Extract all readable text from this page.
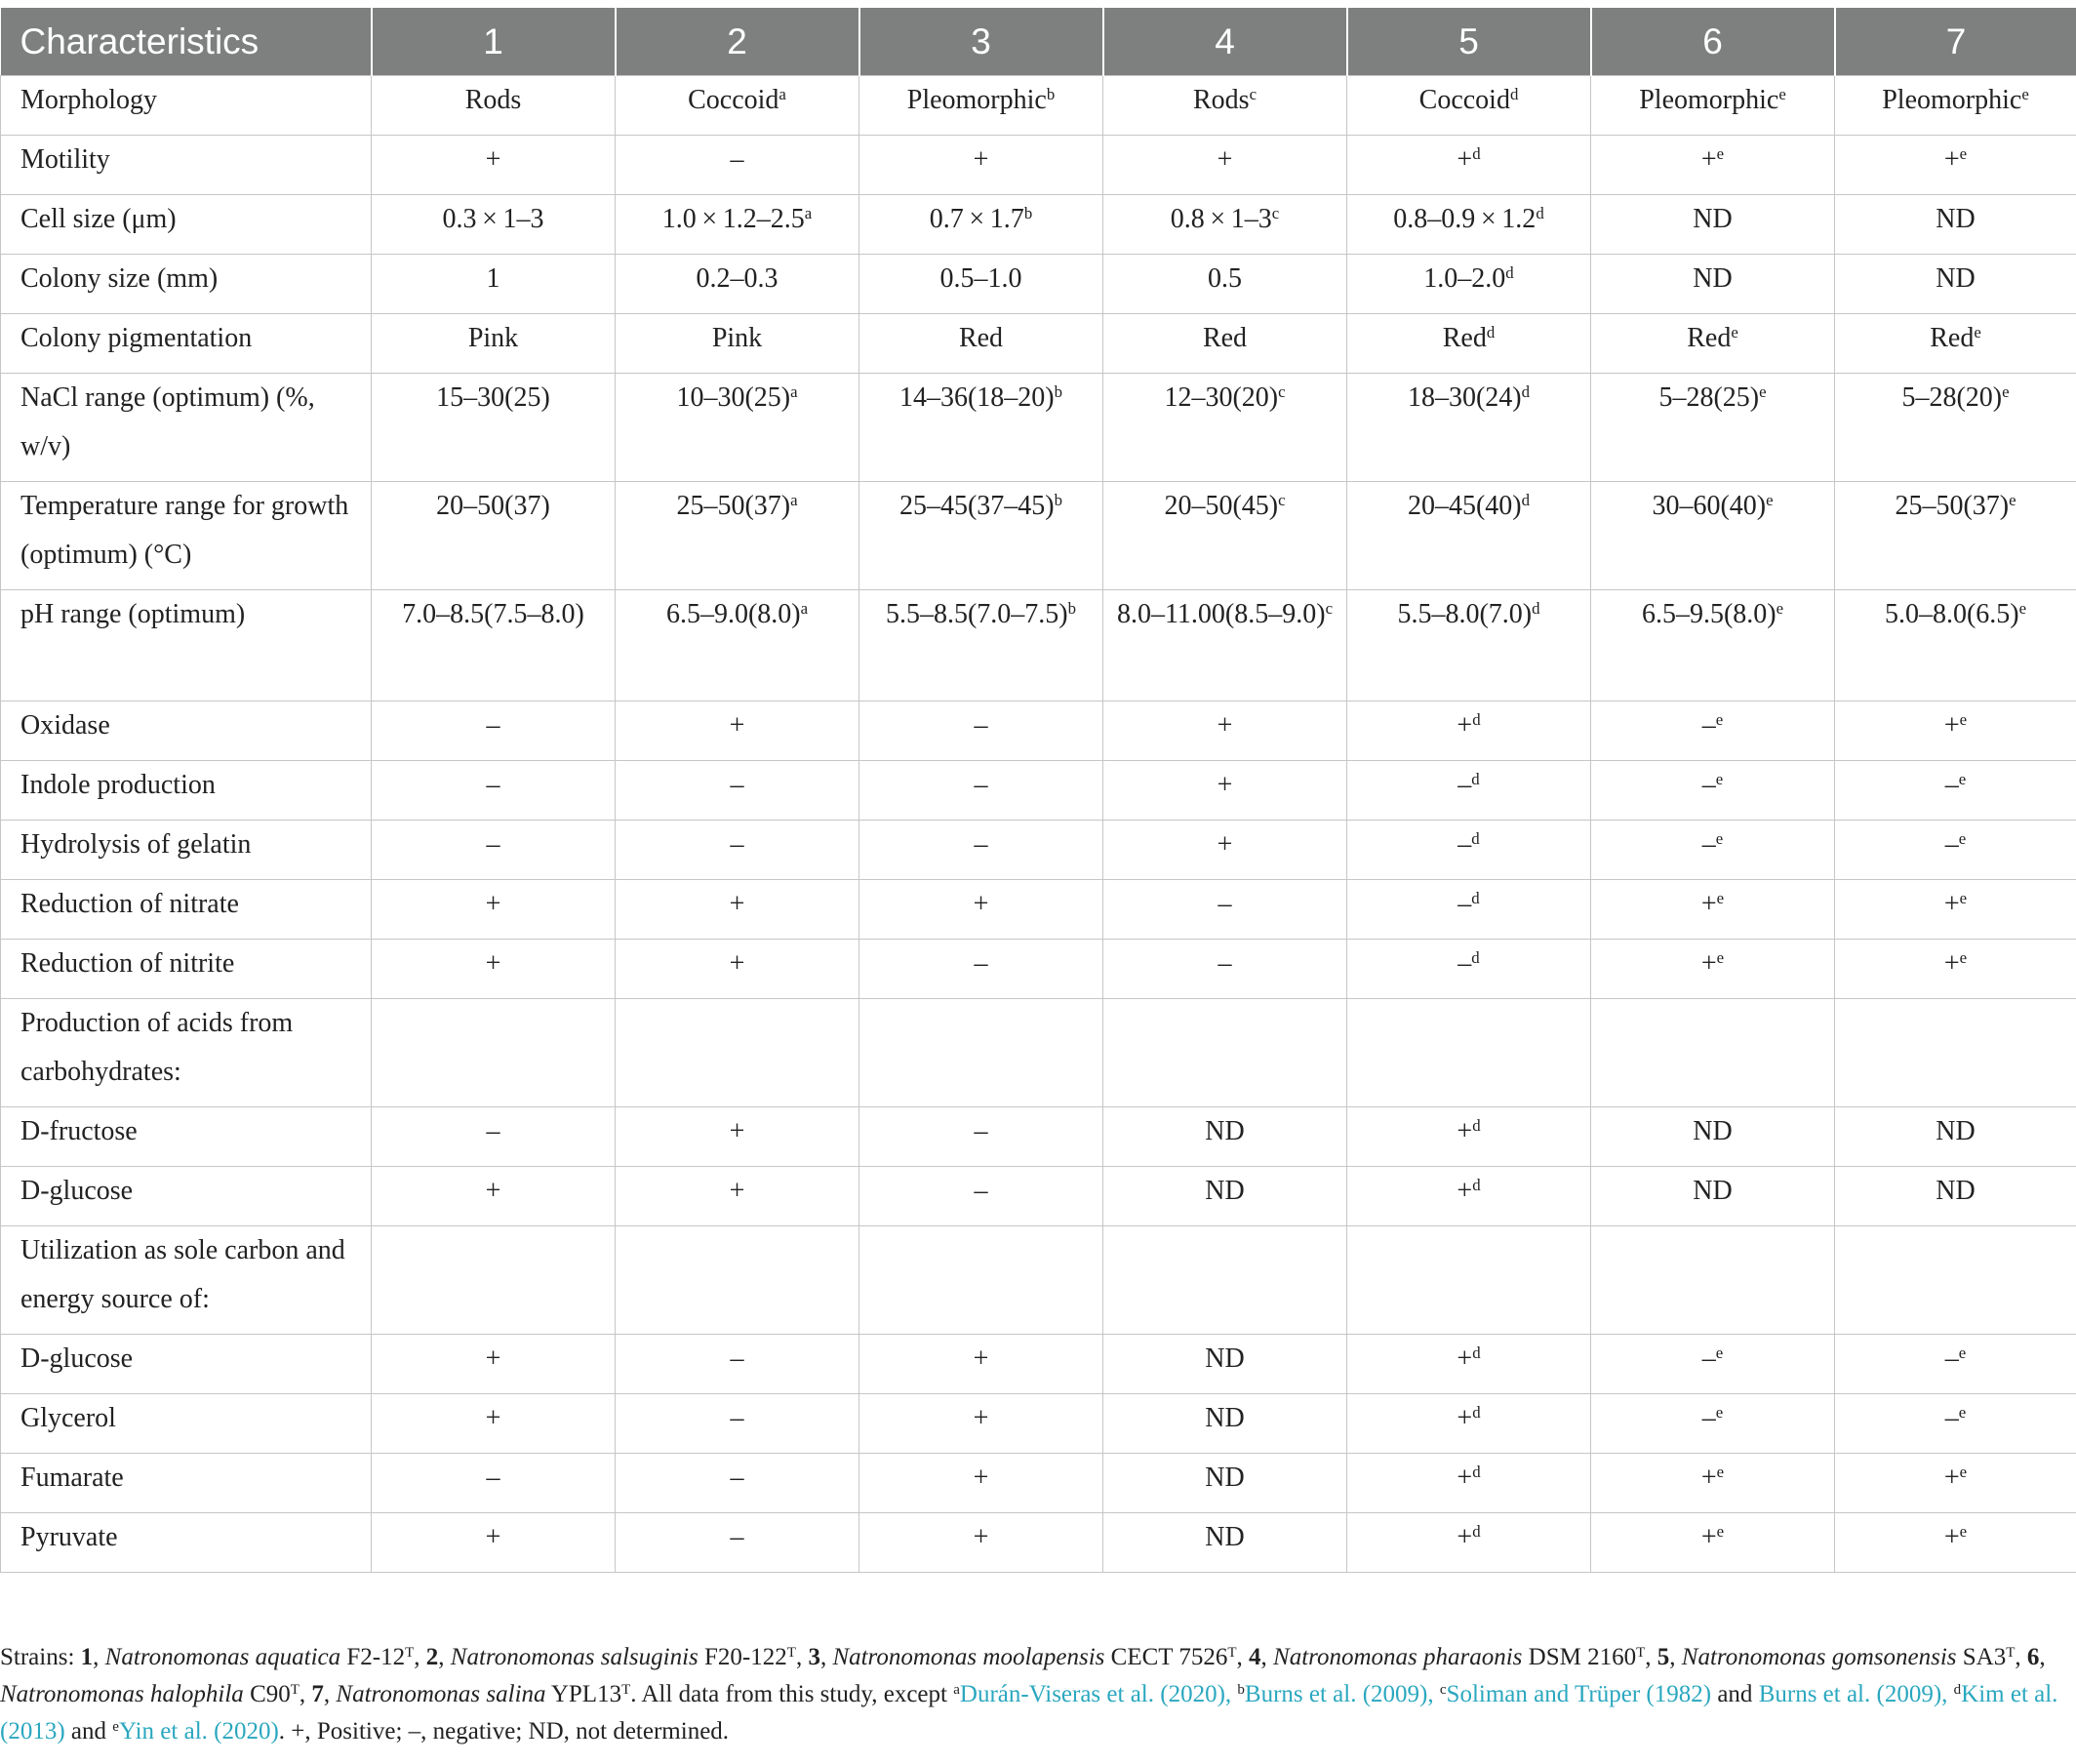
Characteristics	1	2	3	4	5	6	7
Morphology	Rods	Coccoid$^a$	Pleomorphic$^b$	Rods$^c$	Coccoid$^d$	Pleomorphic$^e$	Pleomorphic$^e$
Motility	+	–	+	+	+$^d$	+$^e$	+$^e$
Cell size (μm)	0.3 × 1–3	1.0 × 1.2–2.5$^a$	0.7 × 1.7$^b$	$0.8 \times 1-3^c$	0.8–0.9 × 1.2$^d$	ND	ND
Colony size (mm)	1	0.2–0.3	0.5–1.0	0.5	1.0–2.0$^d$	ND	ND
Colony pigmentation	Pink	Pink	Red	Red	Red$^d$	Red$^e$	Red$^e$
NaCl range (optimum) (%, w/v)	15–30(25)	$10-30(25)^a$	$14-36(18-20)^b$	$12-30(20)^c$	$18-30(24)^d$	$5-28(25)^e$	$5-28(20)^e$
Temperature range for growth (optimum) (°C)	20–50(37)	$25-50(37)^a$	$25-45(37-45)^b$	$20-50(45)^c$	$20-45(40)^d$	$30-60(40)^e$	$25-50(37)^e$
pH range (optimum)	7.0–8.5(7.5–8.0)	$6.5-9.0(8.0)^a$	$5.5-8.5(7.0-7.5)^b$	$8.0-11.00(8.5-9.0)^c$	$5.5-8.0(7.0)^d$	$6.5-9.5(8.0)^e$	$5.0-8.0(6.5)^e$
Oxidase	–	+	–	+	+$^d$	–$^e$	+$^e$
Indole production	–	–	–	+	–$^d$	–$^e$	–$^e$
Hydrolysis of gelatin	–	–	–	+	–$^d$	–$^e$	–$^e$
Reduction of nitrate	+	+	+	–	–$^d$	+$^e$	+$^e$
Reduction of nitrite	+	+	–	–	–$^d$	+$^e$	+$^e$
Production of acids from carbohydrates:							
D-fructose	–	+	–	ND	+$^d$	ND	ND
D-glucose	+	+	–	ND	+$^d$	ND	ND
Utilization as sole carbon and energy source of:							
D-glucose	+	–	+	ND	+$^d$	–$^e$	–$^e$
Glycerol	+	–	+	ND	+$^d$	–$^e$	–$^e$
Fumarate	–	–	+	ND	+$^d$	+$^e$	+$^e$
Pyruvate	+	–	+	ND	+$^d$	+$^e$	+$^e$
Strains: 1, Natronomonas aquatica $F2-12^T$, 2, Natronomonas salsuginis $F20-122^T$, 3, Natronomonas moolapensis CECT $7526^T$, 4, Natronomonas pharaonis DSM $2160^T$, 5, Natronomonas gomsonensis $SA3^T$, 6, Natronomonas halophila $C90^T$, 7, Natronomonas salina $YPL13^T$. All data from this study, except $^a$Durán-Viseras et al. (2020), $^b$Burns et al. (2009), $^c$Soliman and Trüper (1982) and Burns et al. (2009), $^d$Kim et al. (2013) and $^e$Yin et al. (2020). +, Positive; –, negative; ND, not determined.
